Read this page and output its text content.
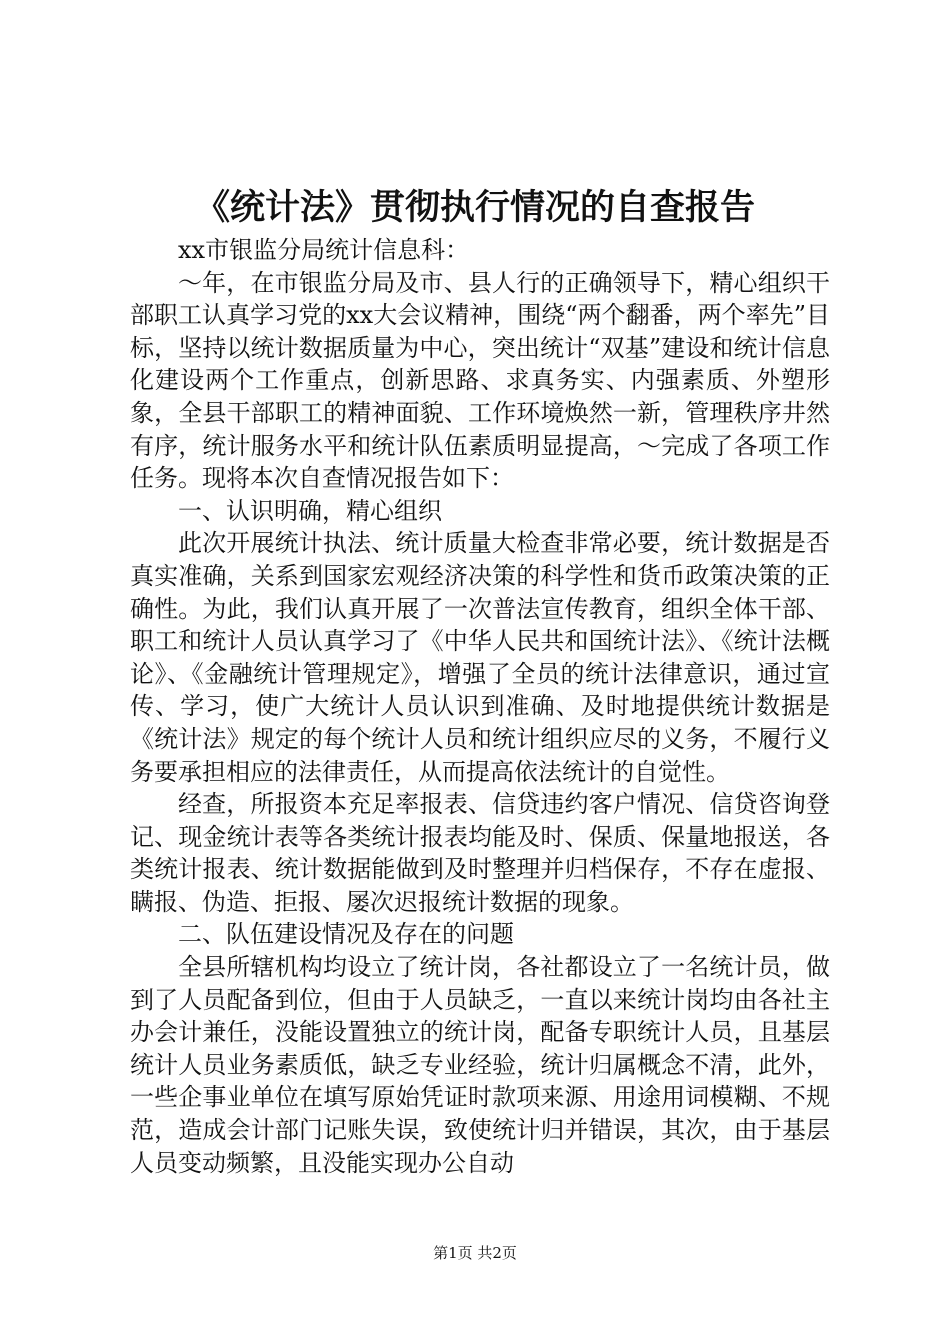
《统计法》贯彻执行情况的自查报告

xx市银监分局统计信息科：

～年，在市银监分局及市、县人行的正确领导下，精心组织干部职工认真学习党的xx大会议精神，围绕“两个翻番，两个率先”目标，坚持以统计数据质量为中心，突出统计“双基”建设和统计信息化建设两个工作重点，创新思路、求真务实、内强素质、外塑形象，全县干部职工的精神面貌、工作环境焕然一新，管理秩序井然有序，统计服务水平和统计队伍素质明显提高，～完成了各项工作任务。现将本次自查情况报告如下：

一、认识明确，精心组织

此次开展统计执法、统计质量大检查非常必要，统计数据是否真实准确，关系到国家宏观经济决策的科学性和货币政策决策的正确性。为此，我们认真开展了一次普法宣传教育，组织全体干部、职工和统计人员认真学习了《中华人民共和国统计法》、《统计法概论》、《金融统计管理规定》，增强了全员的统计法律意识，通过宣传、学习，使广大统计人员认识到准确、及时地提供统计数据是《统计法》规定的每个统计人员和统计组织应尽的义务，不履行义务要承担相应的法律责任，从而提高依法统计的自觉性。

经查，所报资本充足率报表、信贷违约客户情况、信贷咨询登记、现金统计表等各类统计报表均能及时、保质、保量地报送，各类统计报表、统计数据能做到及时整理并归档保存，不存在虚报、瞒报、伪造、拒报、屡次迟报统计数据的现象。

二、队伍建设情况及存在的问题

全县所辖机构均设立了统计岗，各社都设立了一名统计员，做到了人员配备到位，但由于人员缺乏，一直以来统计岗均由各社主办会计兼任，没能设置独立的统计岗，配备专职统计人员，且基层统计人员业务素质低，缺乏专业经验，统计归属概念不清，此外，一些企事业单位在填写原始凭证时款项来源、用途用词模糊、不规范，造成会计部门记账失误，致使统计归并错误，其次，由于基层人员变动频繁，且没能实现办公自动

第1页 共2页
